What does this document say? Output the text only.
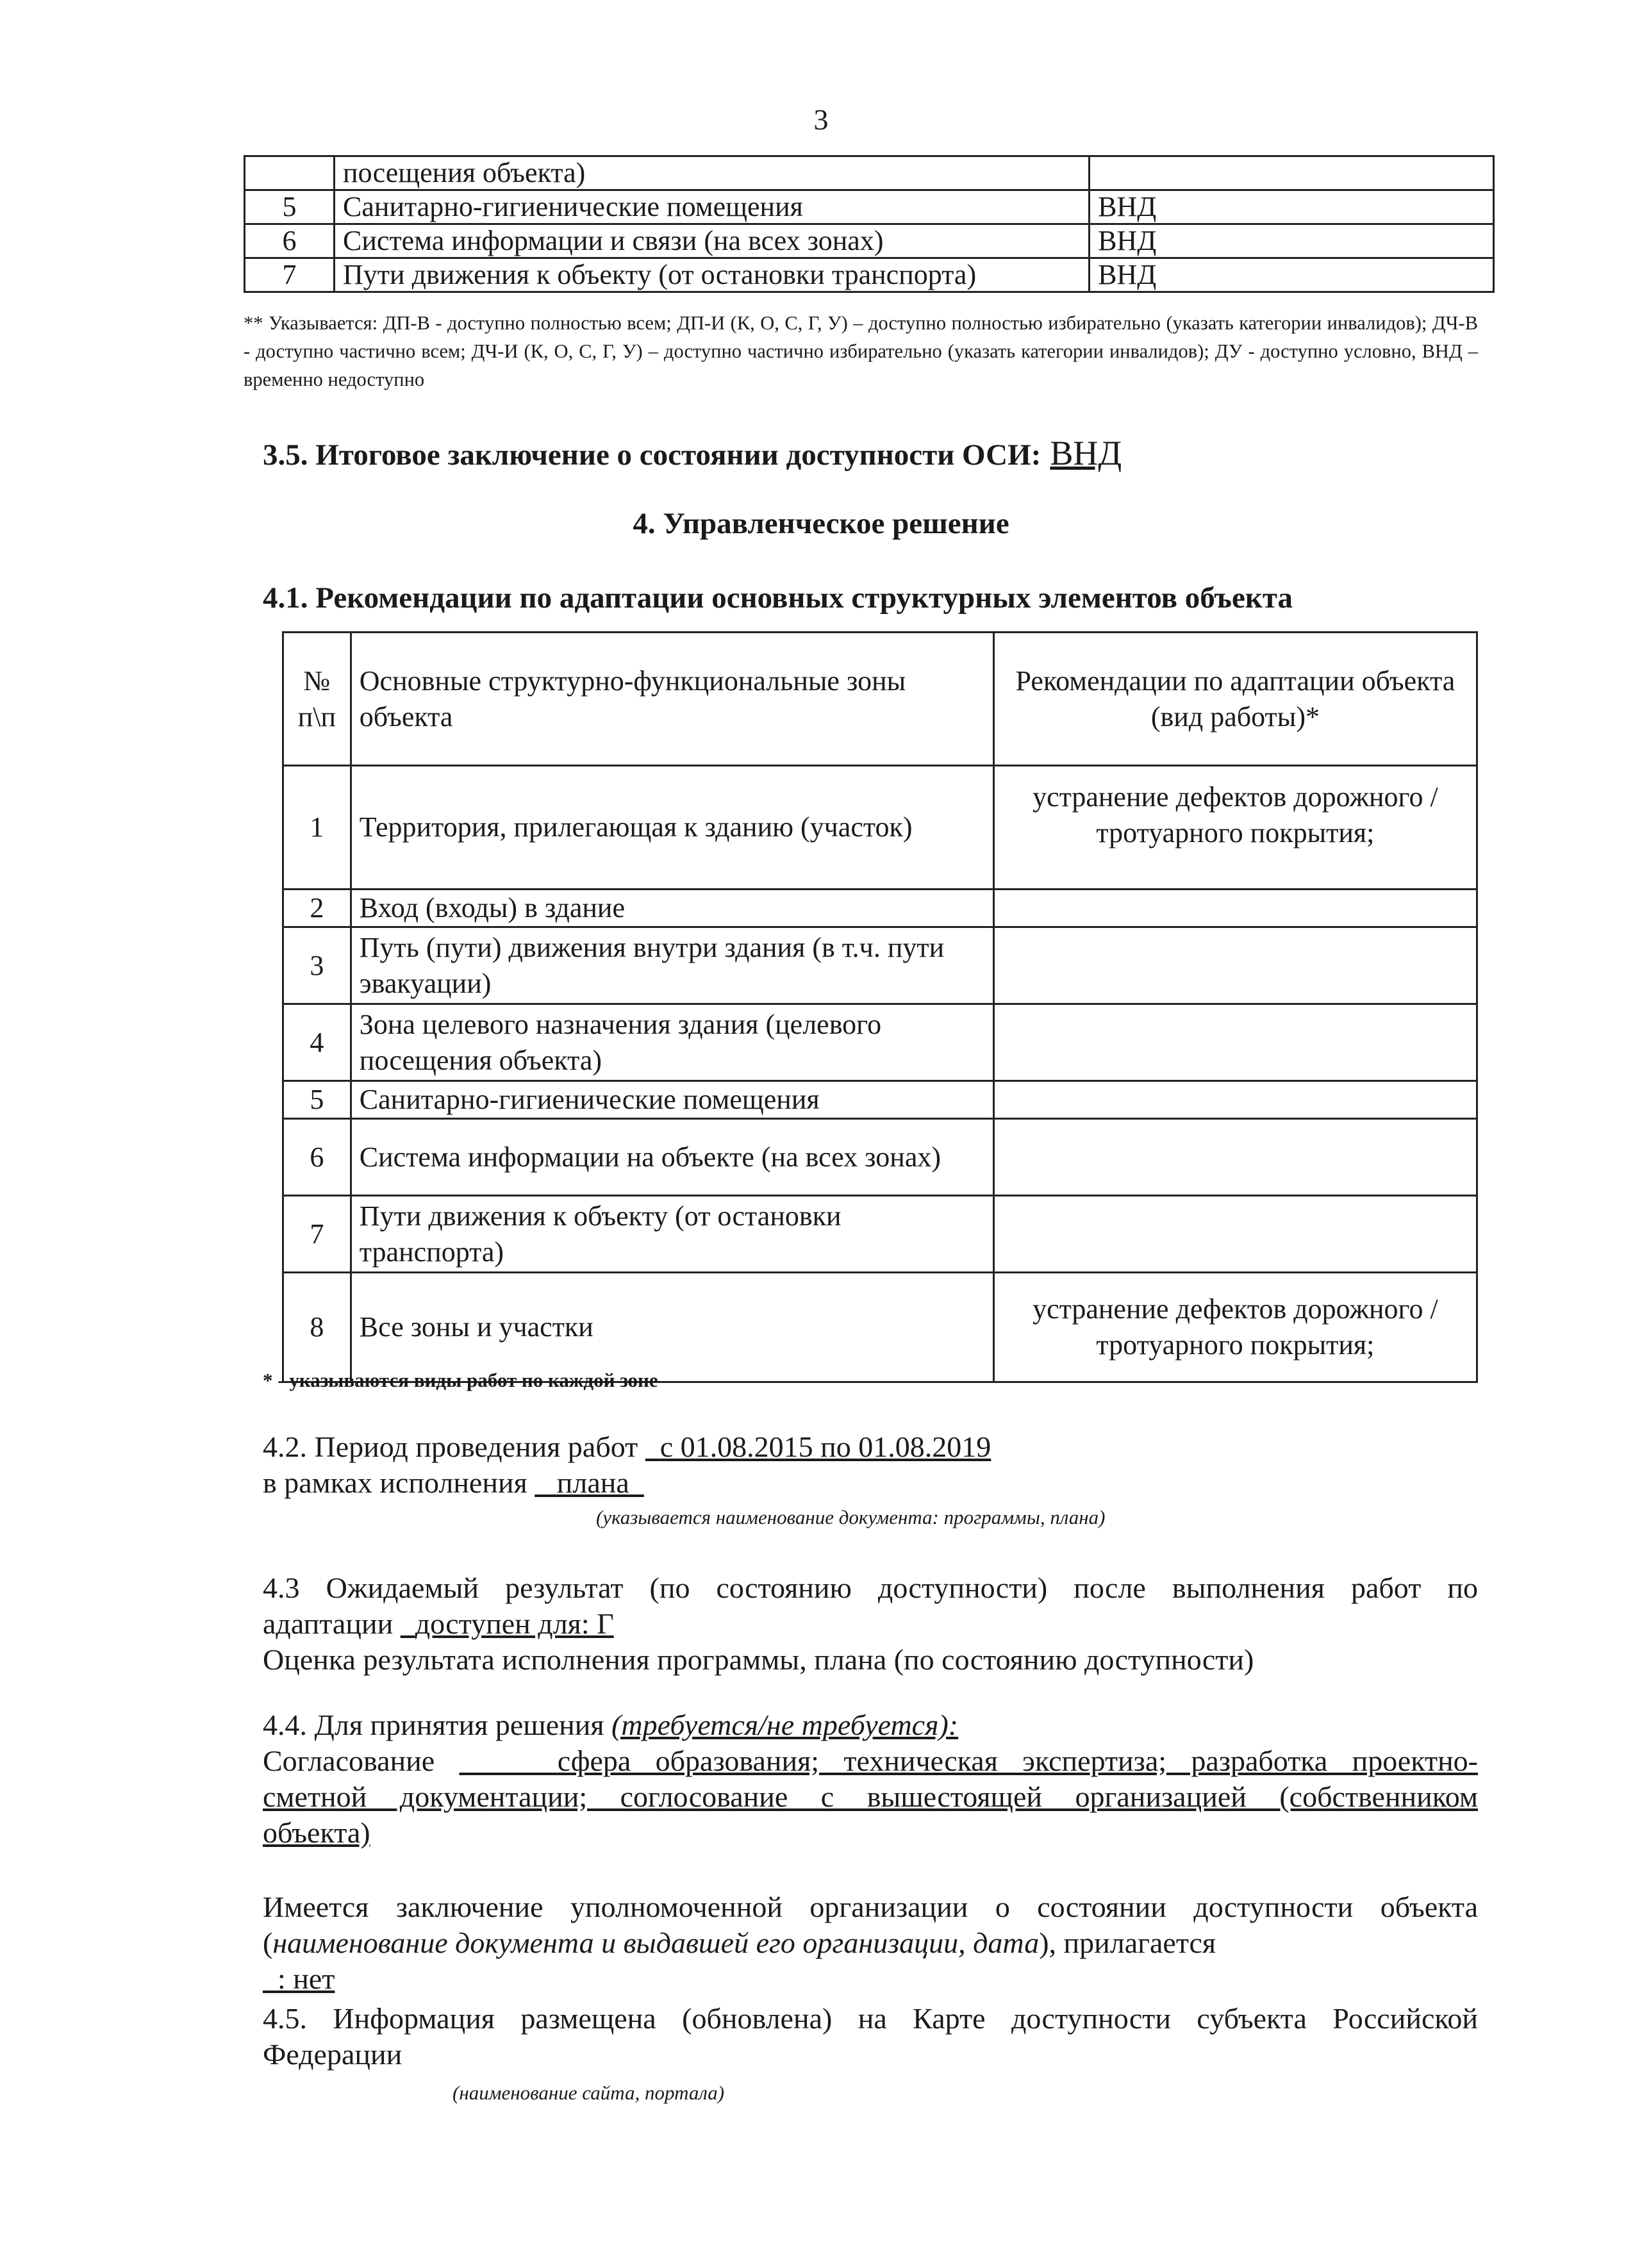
3
	посещения объекта)	
5	Санитарно-гигиенические помещения	ВНД
6	Система информации и связи (на всех зонах)	ВНД
7	Пути движения к объекту (от остановки транспорта)	ВНД
** Указывается: ДП-В - доступно полностью всем; ДП-И (К, О, С, Г, У) – доступно полностью избирательно (указать категории инвалидов); ДЧ-В - доступно частично всем; ДЧ-И (К, О, С, Г, У) – доступно частично избирательно (указать категории инвалидов); ДУ - доступно условно, ВНД – временно недоступно
3.5. Итоговое заключение о состоянии доступности ОСИ: ВНД
4. Управленческое решение
4.1. Рекомендации по адаптации основных структурных элементов объекта
№
п\п	Основные структурно-функциональные зоны объекта	Рекомендации по адаптации объекта (вид работы)*
1	Территория, прилегающая к зданию (участок)	устранение дефектов дорожного / тротуарного покрытия;
2	Вход (входы) в здание	
3	Путь (пути) движения внутри здания (в т.ч. пути эвакуации)	
4	Зона целевого назначения здания (целевого посещения объекта)	
5	Санитарно-гигиенические помещения	
6	Система информации на объекте (на всех зонах)	
7	Пути движения к объекту (от остановки транспорта)	
8	Все зоны и участки	устранение дефектов дорожного / тротуарного покрытия;
* - указываются виды работ по каждой зоне
4.2. Период проведения работ с 01.08.2015 по 01.08.2019
в рамках исполнения плана
(указывается наименование документа: программы, плана)
4.3 Ожидаемый результат (по состоянию доступности) после выполнения работ по
адаптации доступен для: Г
Оценка результата исполнения программы, плана (по состоянию доступности)
4.4. Для принятия решения (требуется/не требуется):
Согласование	сфера образования; техническая экспертиза; разработка проектно-
сметной документации; соглосование с вышестоящей организацией (собственником
объекта)
Имеется заключение уполномоченной организации о состоянии доступности объекта
(наименование документа и выдавшей его организации, дата), прилагается
: нет
4.5. Информация размещена (обновлена) на Карте доступности субъекта Российской
Федерации
(наименование сайта, портала)
